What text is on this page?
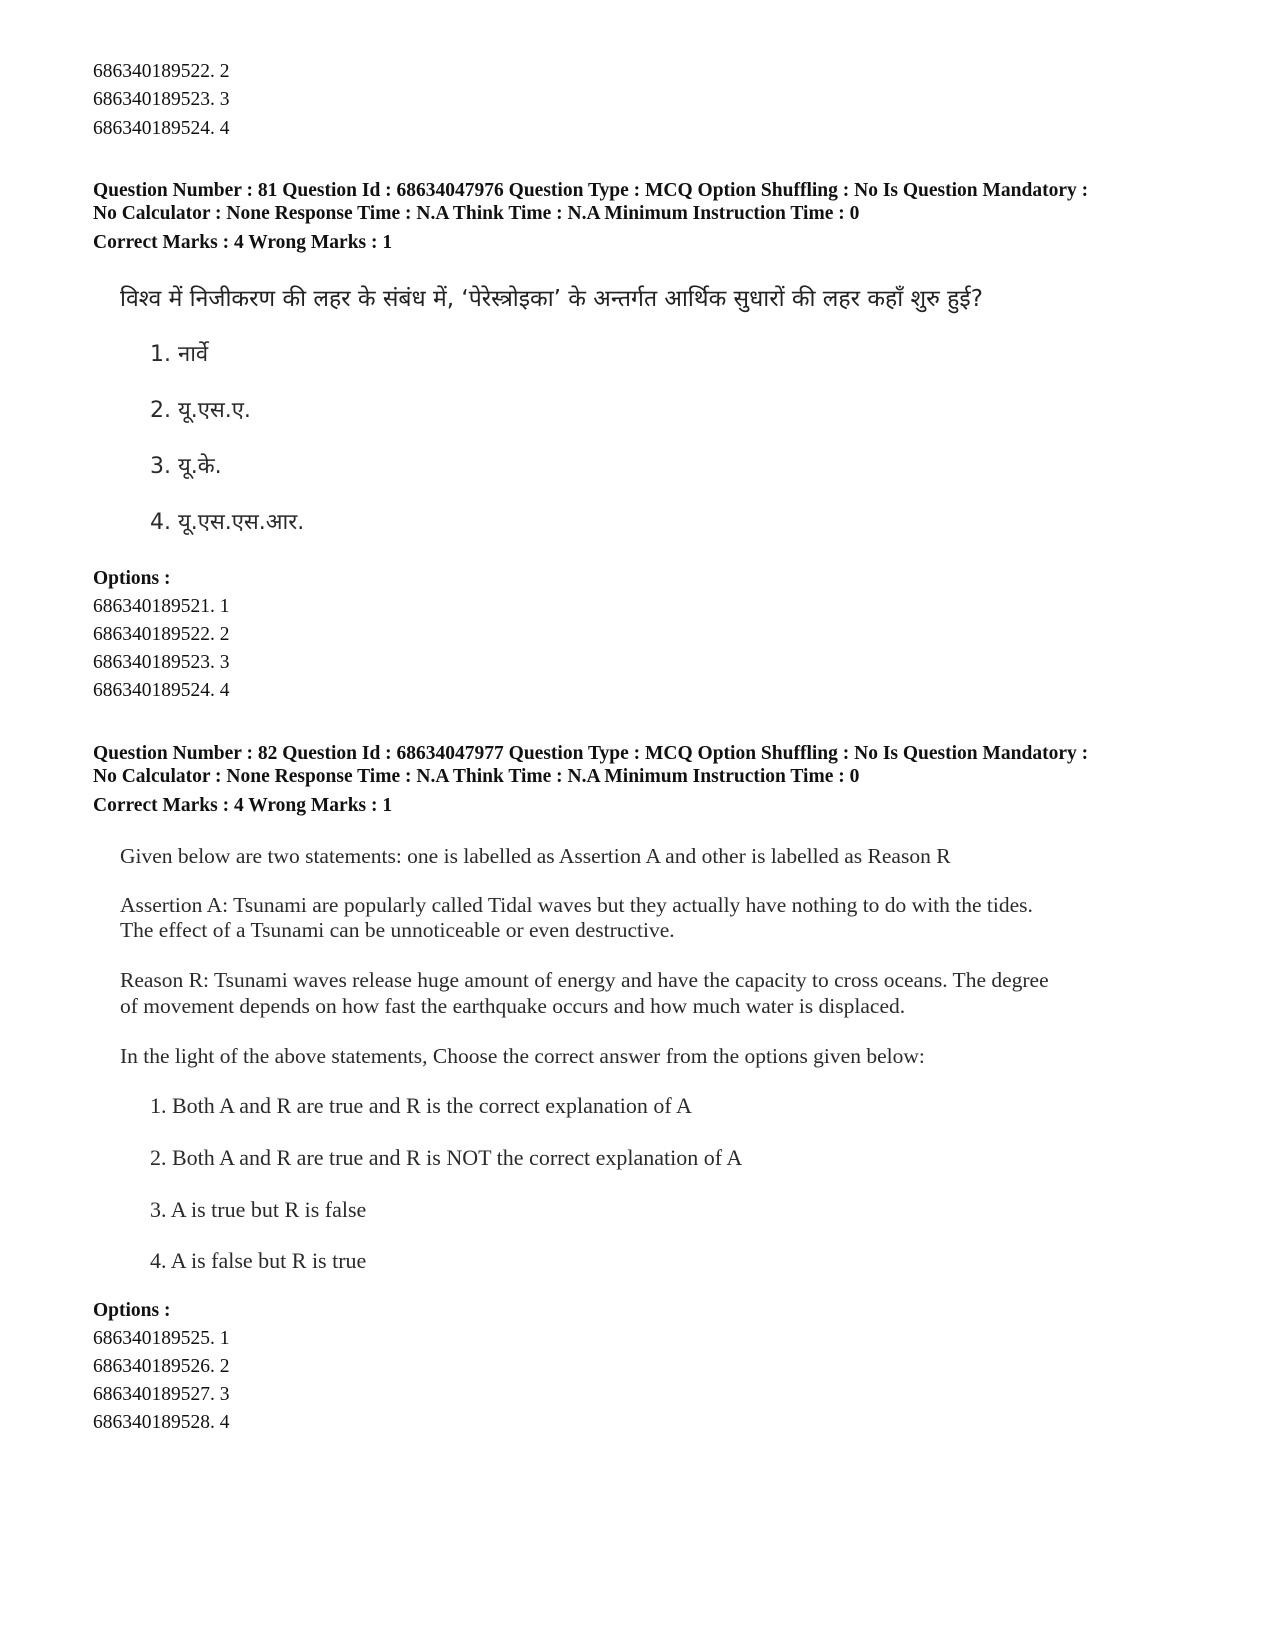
686340189522. 2
686340189523. 3
686340189524. 4
Question Number : 81 Question Id : 68634047976 Question Type : MCQ Option Shuffling : No Is Question Mandatory :
No Calculator : None Response Time : N.A Think Time : N.A Minimum Instruction Time : 0
Correct Marks : 4 Wrong Marks : 1
विश्व में निजीकरण की लहर के संबंध में, ‘पेरेस्त्रोइका’ के अन्तर्गत आर्थिक सुधारों की लहर कहाँ शुरु हुई?
1. नार्वे
2. यू.एस.ए.
3. यू.के.
4. यू.एस.एस.आर.
Options :
686340189521. 1
686340189522. 2
686340189523. 3
686340189524. 4
Question Number : 82 Question Id : 68634047977 Question Type : MCQ Option Shuffling : No Is Question Mandatory :
No Calculator : None Response Time : N.A Think Time : N.A Minimum Instruction Time : 0
Correct Marks : 4 Wrong Marks : 1
Given below are two statements: one is labelled as Assertion A and other is labelled as Reason R
Assertion A: Tsunami are popularly called Tidal waves but they actually have nothing to do with the tides.
The effect of a Tsunami can be unnoticeable or even destructive.
Reason R: Tsunami waves release huge amount of energy and have the capacity to cross oceans. The degree
of movement depends on how fast the earthquake occurs and how much water is displaced.
In the light of the above statements, Choose the correct answer from the options given below:
1. Both A and R are true and R is the correct explanation of A
2. Both A and R are true and R is NOT the correct explanation of A
3. A is true but R is false
4. A is false but R is true
Options :
686340189525. 1
686340189526. 2
686340189527. 3
686340189528. 4
